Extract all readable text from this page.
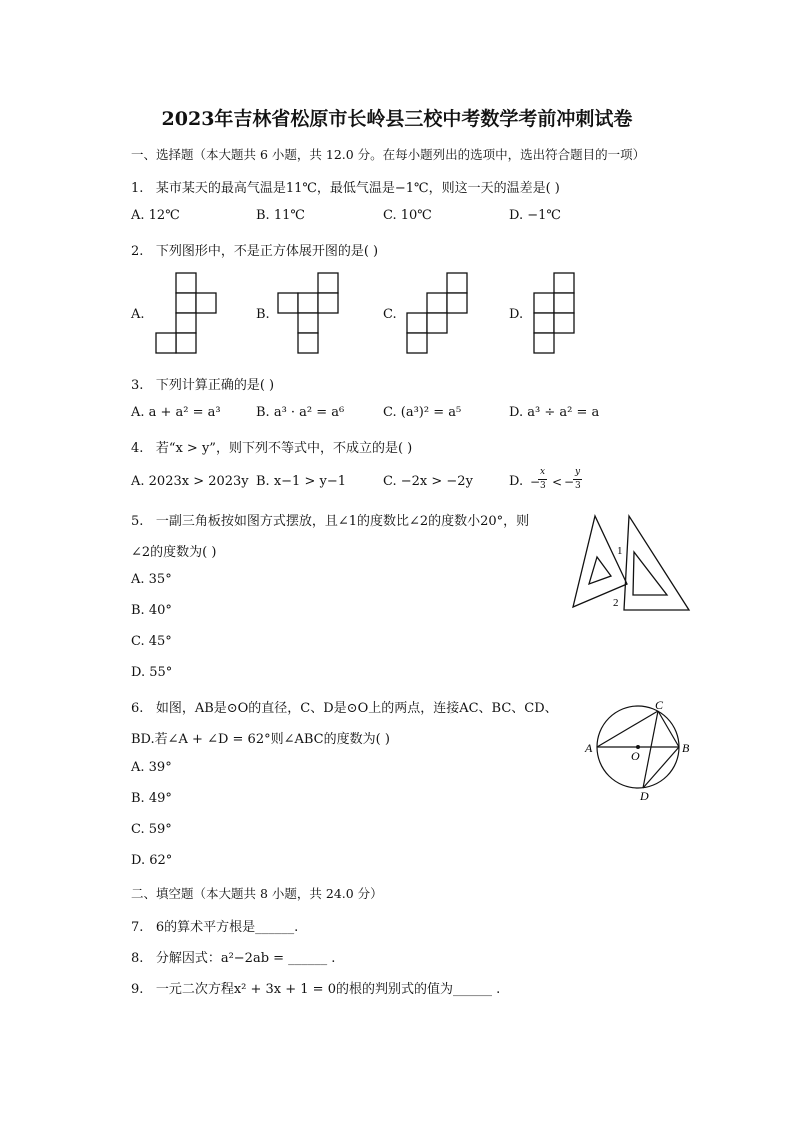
2023年吉林省松原市长岭县三校中考数学考前冲刺试卷
一、选择题（本大题共 6 小题，共 12.0 分。在每小题列出的选项中，选出符合题目的一项）
1. 某市某天的最高气温是11℃，最低气温是−1℃，则这一天的温差是( )
A. 12℃	B. 11℃	C. 10℃	D. −1℃
2. 下列图形中，不是正方体展开图的是( )
A.	B.	C.	D.
3. 下列计算正确的是( )
A. a + a² = a³	B. a³ · a² = a⁶	C. (a³)² = a⁵	D. a³ ÷ a² = a
4. 若“x > y”，则下列不等式中，不成立的是( )
A. 2023x > 2023y B. x−1 > y−1	C. −2x > −2y	D. −
x
3 < −
y
3
5. 一副三角板按如图方式摆放，且∠1的度数比∠2的度数小20°，则
∠2的度数为( )
A. 35°
B. 40°
C. 45°
D. 55°
1
2
6. 如图，AB是⊙O的直径，C、D是⊙O上的两点，连接AC、BC、CD、
BD.若∠A + ∠D = 62°则∠ABC的度数为( )
A. 39°
B. 49°
C. 59°
D. 62°
A	B
C
D
O
二、填空题（本大题共 8 小题，共 24.0 分）
7. 6的算术平方根是______.
8. 分解因式：a²−2ab = ______ .
9. 一元二次方程x² + 3x + 1 = 0的根的判别式的值为______ .
